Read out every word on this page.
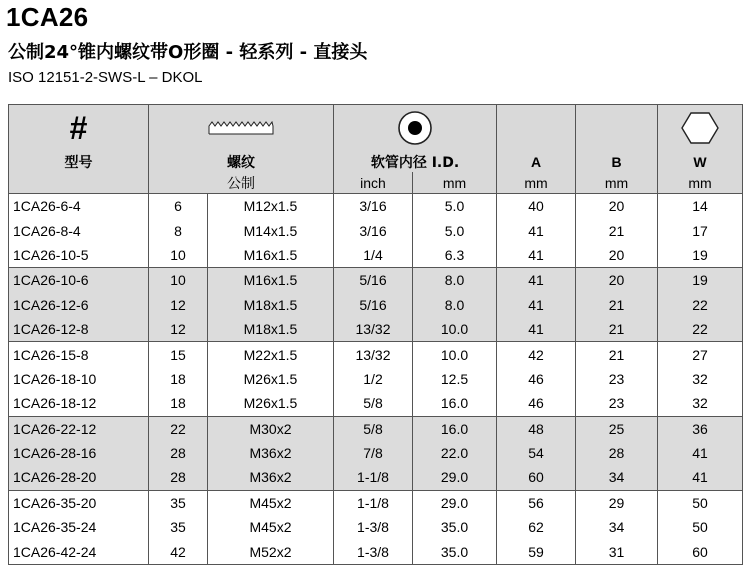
1CA26
公制24°锥内螺纹带O形圈 - 轻系列 - 直接头
ISO 12151-2-SWS-L – DKOL
#	

型号	螺纹		软管内径 I.D.		A	B	W
	公制		inch	mm	mm	mm	mm
1CA26-6-4	6	M12x1.5	3/16	5.0	40	20	14
1CA26-8-4	8	M14x1.5	3/16	5.0	41	21	17
1CA26-10-5	10	M16x1.5	1/4	6.3	41	20	19
1CA26-10-6	10	M16x1.5	5/16	8.0	41	20	19
1CA26-12-6	12	M18x1.5	5/16	8.0	41	21	22
1CA26-12-8	12	M18x1.5	13/32	10.0	41	21	22
1CA26-15-8	15	M22x1.5	13/32	10.0	42	21	27
1CA26-18-10	18	M26x1.5	1/2	12.5	46	23	32
1CA26-18-12	18	M26x1.5	5/8	16.0	46	23	32
1CA26-22-12	22	M30x2	5/8	16.0	48	25	36
1CA26-28-16	28	M36x2	7/8	22.0	54	28	41
1CA26-28-20	28	M36x2	1-1/8	29.0	60	34	41
1CA26-35-20	35	M45x2	1-1/8	29.0	56	29	50
1CA26-35-24	35	M45x2	1-3/8	35.0	62	34	50
1CA26-42-24	42	M52x2	1-3/8	35.0	59	31	60
